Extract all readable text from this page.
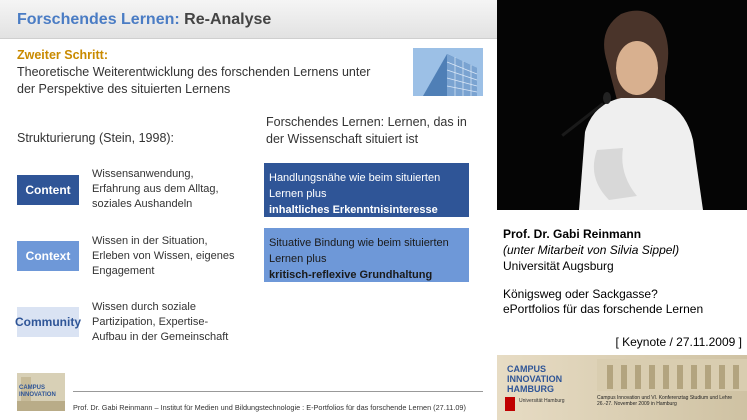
Forschendes Lernen: Re-Analyse
Zweiter Schritt:
Theoretische Weiterentwicklung des forschenden Lernens unter der Perspektive des situierten Lernens
Strukturierung (Stein, 1998):
Forschendes Lernen: Lernen, das in der Wissenschaft situiert ist
Content
Wissensanwendung, Erfahrung aus dem Alltag, soziales Aushandeln
Context
Wissen in der Situation, Erleben von Wissen, eigenes Engagement
Community
Wissen durch soziale Partizipation, Expertise-Aufbau in der Gemeinschaft
Handlungsnähe wie beim situierten Lernen plus
inhaltliches Erkenntnisinteresse
Situative Bindung wie beim situierten Lernen plus
kritisch-reflexive Grundhaltung
CAMPUS INNOVATION
Prof. Dr. Gabi Reinmann – Institut für Medien und Bildungstechnologie : E-Portfolios für das forschende Lernen (27.11.09)
Prof. Dr. Gabi Reinmann
(unter Mitarbeit von Silvia Sippel)
Universität Augsburg
Königsweg oder Sackgasse?
ePortfolios für das forschende Lernen
[ Keynote / 27.11.2009 ]
CAMPUS
INNOVATION
HAMBURG
Universität Hamburg	Campus Innovation und VI. Konferenztag Studium und Lehre 26.-27. November 2009 in Hamburg
